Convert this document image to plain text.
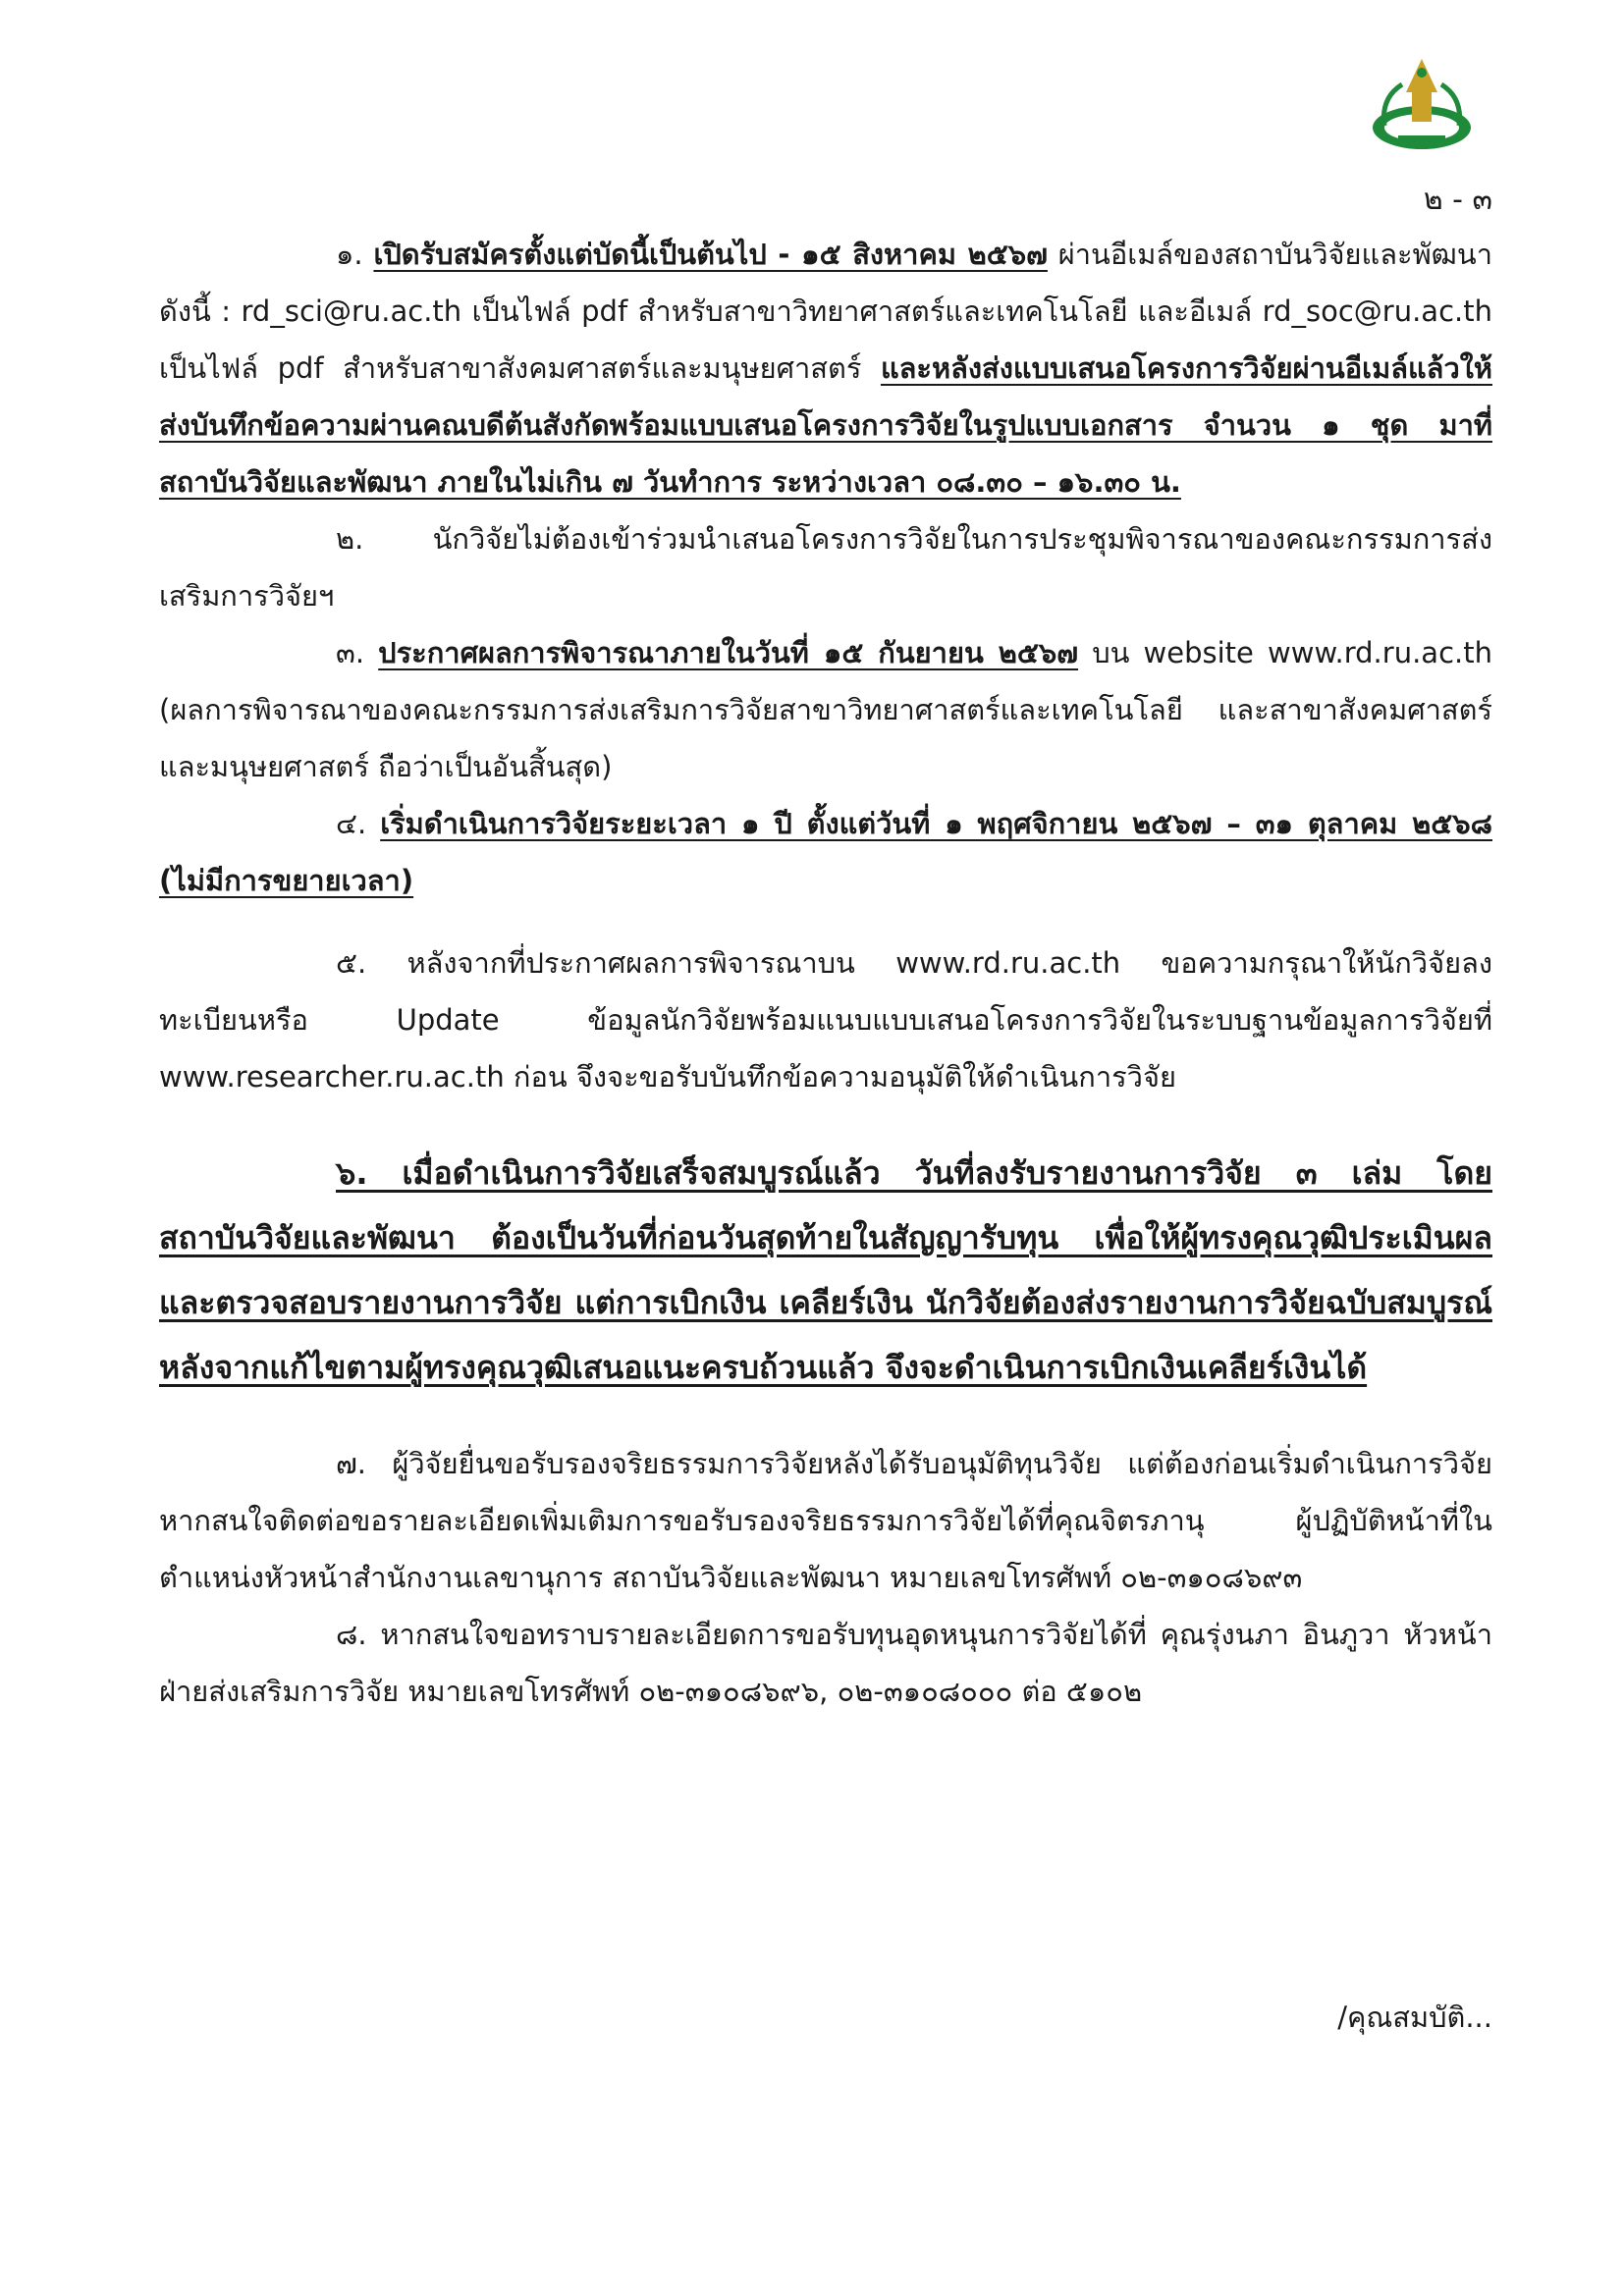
๒ - ๓

๑. เปิดรับสมัครตั้งแต่บัดนี้เป็นต้นไป - ๑๕ สิงหาคม ๒๕๖๗ ผ่านอีเมล์ของสถาบันวิจัยและพัฒนาดังนี้ : rd_sci@ru.ac.th เป็นไฟล์ pdf สำหรับสาขาวิทยาศาสตร์และเทคโนโลยี และอีเมล์ rd_soc@ru.ac.th เป็นไฟล์ pdf สำหรับสาขาสังคมศาสตร์และมนุษยศาสตร์ และหลังส่งแบบเสนอโครงการวิจัยผ่านอีเมล์แล้วให้ส่งบันทึกข้อความผ่านคณบดีต้นสังกัดพร้อมแบบเสนอโครงการวิจัยในรูปแบบเอกสาร จำนวน ๑ ชุด มาที่สถาบันวิจัยและพัฒนา ภายในไม่เกิน ๗ วันทำการ ระหว่างเวลา ๐๘.๓๐ – ๑๖.๓๐ น.

๒. นักวิจัยไม่ต้องเข้าร่วมนำเสนอโครงการวิจัยในการประชุมพิจารณาของคณะกรรมการส่งเสริมการวิจัยฯ

๓. ประกาศผลการพิจารณาภายในวันที่ ๑๕ กันยายน ๒๕๖๗ บน website www.rd.ru.ac.th (ผลการพิจารณาของคณะกรรมการส่งเสริมการวิจัยสาขาวิทยาศาสตร์และเทคโนโลยี และสาขาสังคมศาสตร์และมนุษยศาสตร์ ถือว่าเป็นอันสิ้นสุด)

๔. เริ่มดำเนินการวิจัยระยะเวลา ๑ ปี ตั้งแต่วันที่ ๑ พฤศจิกายน ๒๕๖๗ – ๓๑ ตุลาคม ๒๕๖๘ (ไม่มีการขยายเวลา)

๕. หลังจากที่ประกาศผลการพิจารณาบน www.rd.ru.ac.th ขอความกรุณาให้นักวิจัยลงทะเบียนหรือ Update ข้อมูลนักวิจัยพร้อมแนบแบบเสนอโครงการวิจัยในระบบฐานข้อมูลการวิจัยที่ www.researcher.ru.ac.th ก่อน จึงจะขอรับบันทึกข้อความอนุมัติให้ดำเนินการวิจัย

๖. เมื่อดำเนินการวิจัยเสร็จสมบูรณ์แล้ว วันที่ลงรับรายงานการวิจัย ๓ เล่ม โดยสถาบันวิจัยและพัฒนา ต้องเป็นวันที่ก่อนวันสุดท้ายในสัญญารับทุน เพื่อให้ผู้ทรงคุณวุฒิประเมินผลและตรวจสอบรายงานการวิจัย แต่การเบิกเงิน เคลียร์เงิน นักวิจัยต้องส่งรายงานการวิจัยฉบับสมบูรณ์หลังจากแก้ไขตามผู้ทรงคุณวุฒิเสนอแนะครบถ้วนแล้ว จึงจะดำเนินการเบิกเงินเคลียร์เงินได้

๗. ผู้วิจัยยื่นขอรับรองจริยธรรมการวิจัยหลังได้รับอนุมัติทุนวิจัย แต่ต้องก่อนเริ่มดำเนินการวิจัย หากสนใจติดต่อขอรายละเอียดเพิ่มเติมการขอรับรองจริยธรรมการวิจัยได้ที่คุณจิตรภานุ ผู้ปฏิบัติหน้าที่ในตำแหน่งหัวหน้าสำนักงานเลขานุการ สถาบันวิจัยและพัฒนา หมายเลขโทรศัพท์ ๐๒-๓๑๐๘๖๙๓

๘. หากสนใจขอทราบรายละเอียดการขอรับทุนอุดหนุนการวิจัยได้ที่ คุณรุ่งนภา อินภูวา หัวหน้าฝ่ายส่งเสริมการวิจัย หมายเลขโทรศัพท์ ๐๒-๓๑๐๘๖๙๖, ๐๒-๓๑๐๘๐๐๐ ต่อ ๕๑๐๒

/คุณสมบัติ...
